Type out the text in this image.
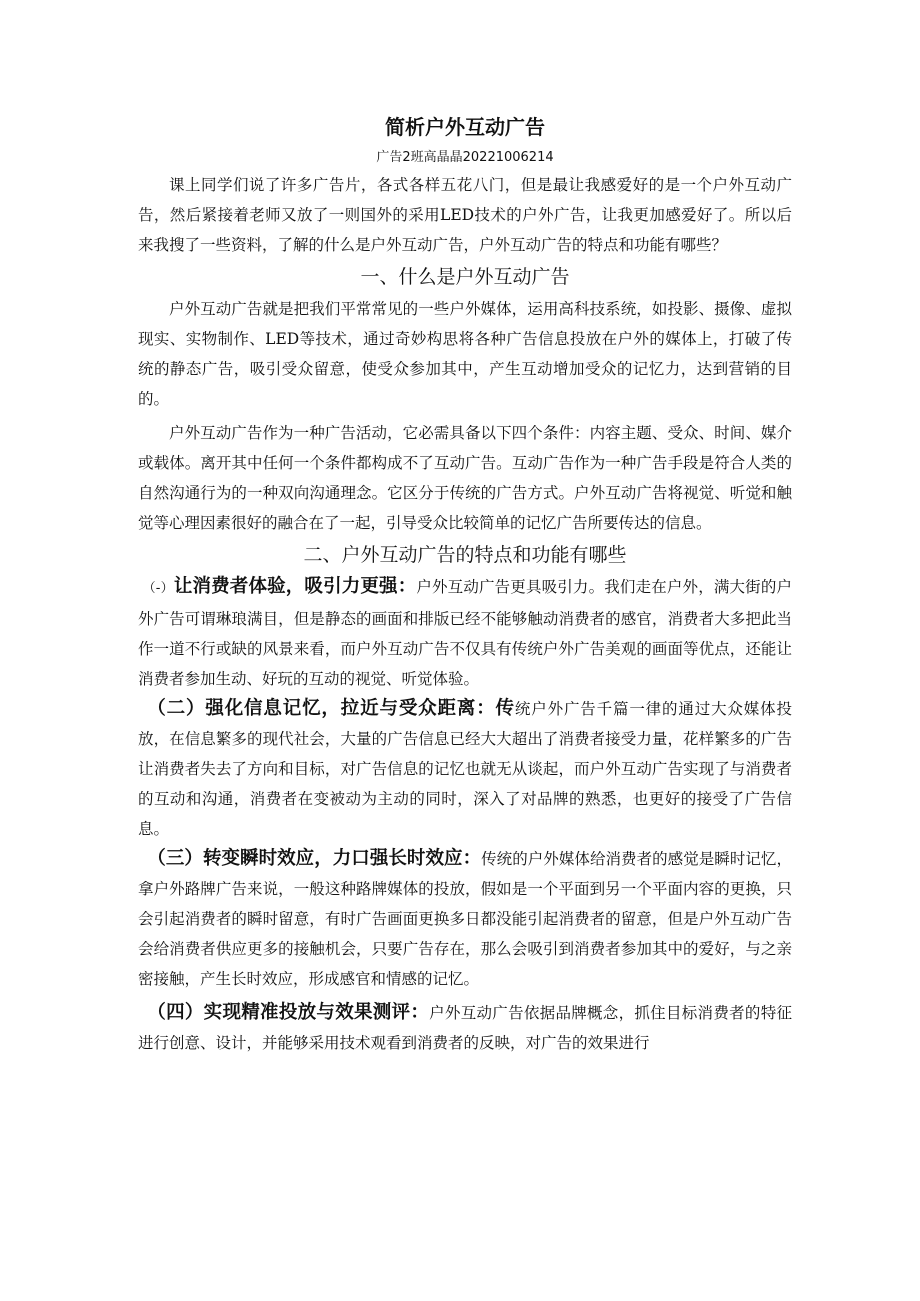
简析户外互动广告
广告2班高晶晶20221006214

课上同学们说了许多广告片，各式各样五花八门，但是最让我感爱好的是一个户外互动广告，然后紧接着老师又放了一则国外的采用LED技术的户外广告，让我更加感爱好了。所以后来我搜了一些资料，了解的什么是户外互动广告，户外互动广告的特点和功能有哪些？

一、什么是户外互动广告

户外互动广告就是把我们平常常见的一些户外媒体，运用高科技系统，如投影、摄像、虚拟现实、实物制作、LED等技术，通过奇妙构思将各种广告信息投放在户外的媒体上，打破了传统的静态广告，吸引受众留意，使受众参加其中，产生互动增加受众的记忆力，达到营销的目的。

户外互动广告作为一种广告活动，它必需具备以下四个条件：内容主题、受众、时间、媒介或载体。离开其中任何一个条件都构成不了互动广告。互动广告作为一种广告手段是符合人类的自然沟通行为的一种双向沟通理念。它区分于传统的广告方式。户外互动广告将视觉、听觉和触觉等心理因素很好的融合在了一起，引导受众比较简单的记忆广告所要传达的信息。

二、户外互动广告的特点和功能有哪些

（-）让消费者体验，吸引力更强：户外互动广告更具吸引力。我们走在户外，满大街的户外广告可谓琳琅满目，但是静态的画面和排版已经不能够触动消费者的感官，消费者大多把此当作一道不行或缺的风景来看，而户外互动广告不仅具有传统户外广告美观的画面等优点，还能让消费者参加生动、好玩的互动的视觉、听觉体验。

（二）强化信息记忆，拉近与受众距离：传统户外广告千篇一律的通过大众媒体投放，在信息繁多的现代社会，大量的广告信息已经大大超出了消费者接受力量，花样繁多的广告让消费者失去了方向和目标，对广告信息的记忆也就无从谈起，而户外互动广告实现了与消费者的互动和沟通，消费者在变被动为主动的同时，深入了对品牌的熟悉，也更好的接受了广告信息。

（三）转变瞬时效应，力口强长时效应：传统的户外媒体给消费者的感觉是瞬时记忆，拿户外路牌广告来说，一般这种路牌媒体的投放，假如是一个平面到另一个平面内容的更换，只会引起消费者的瞬时留意，有时广告画面更换多日都没能引起消费者的留意，但是户外互动广告会给消费者供应更多的接触机会，只要广告存在，那么会吸引到消费者参加其中的爱好，与之亲密接触，产生长时效应，形成感官和情感的记忆。

（四）实现精准投放与效果测评：户外互动广告依据品牌概念，抓住目标消费者的特征进行创意、设计，并能够采用技术观看到消费者的反映，对广告的效果进行
